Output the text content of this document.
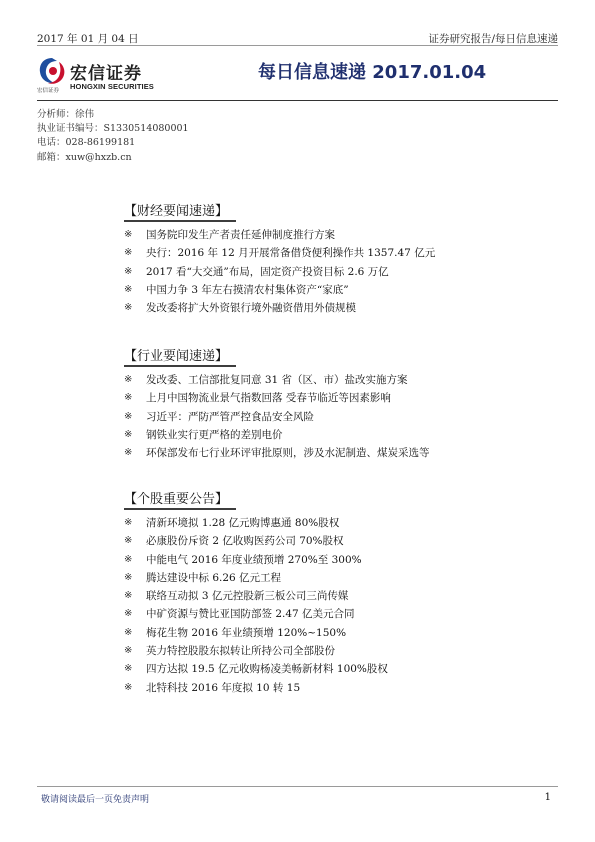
2017 年 01 月 04 日	证券研究报告/每日信息速递
宏信证券
宏信证券 HONGXIN SECURITIES
每日信息速递 2017.01.04
分析师：徐伟
执业证书编号：S1330514080001
电话：028-86199181
邮箱：xuw@hxzb.cn
【财经要闻速递】
※	国务院印发生产者责任延伸制度推行方案
※	央行：2016 年 12 月开展常备借贷便利操作共 1357.47 亿元
※	2017 看“大交通”布局，固定资产投资目标 2.6 万亿
※	中国力争 3 年左右摸清农村集体资产“家底”
※	发改委将扩大外资银行境外融资借用外债规模
【行业要闻速递】
※	发改委、工信部批复同意 31 省（区、市）盐改实施方案
※	上月中国物流业景气指数回落 受春节临近等因素影响
※	习近平：严防严管严控食品安全风险
※	钢铁业实行更严格的差别电价
※	环保部发布七行业环评审批原则，涉及水泥制造、煤炭采选等
【个股重要公告】
※	清新环境拟 1.28 亿元购博惠通 80%股权
※	必康股份斥资 2 亿收购医药公司 70%股权
※	中能电气 2016 年度业绩预增 270%至 300%
※	腾达建设中标 6.26 亿元工程
※	联络互动拟 3 亿元控股新三板公司三尚传媒
※	中矿资源与赞比亚国防部签 2.47 亿美元合同
※	梅花生物 2016 年业绩预增 120%~150%
※	英力特控股股东拟转让所持公司全部股份
※	四方达拟 19.5 亿元收购杨凌美畅新材料 100%股权
※	北特科技 2016 年度拟 10 转 15
敬请阅读最后一页免责声明	1
